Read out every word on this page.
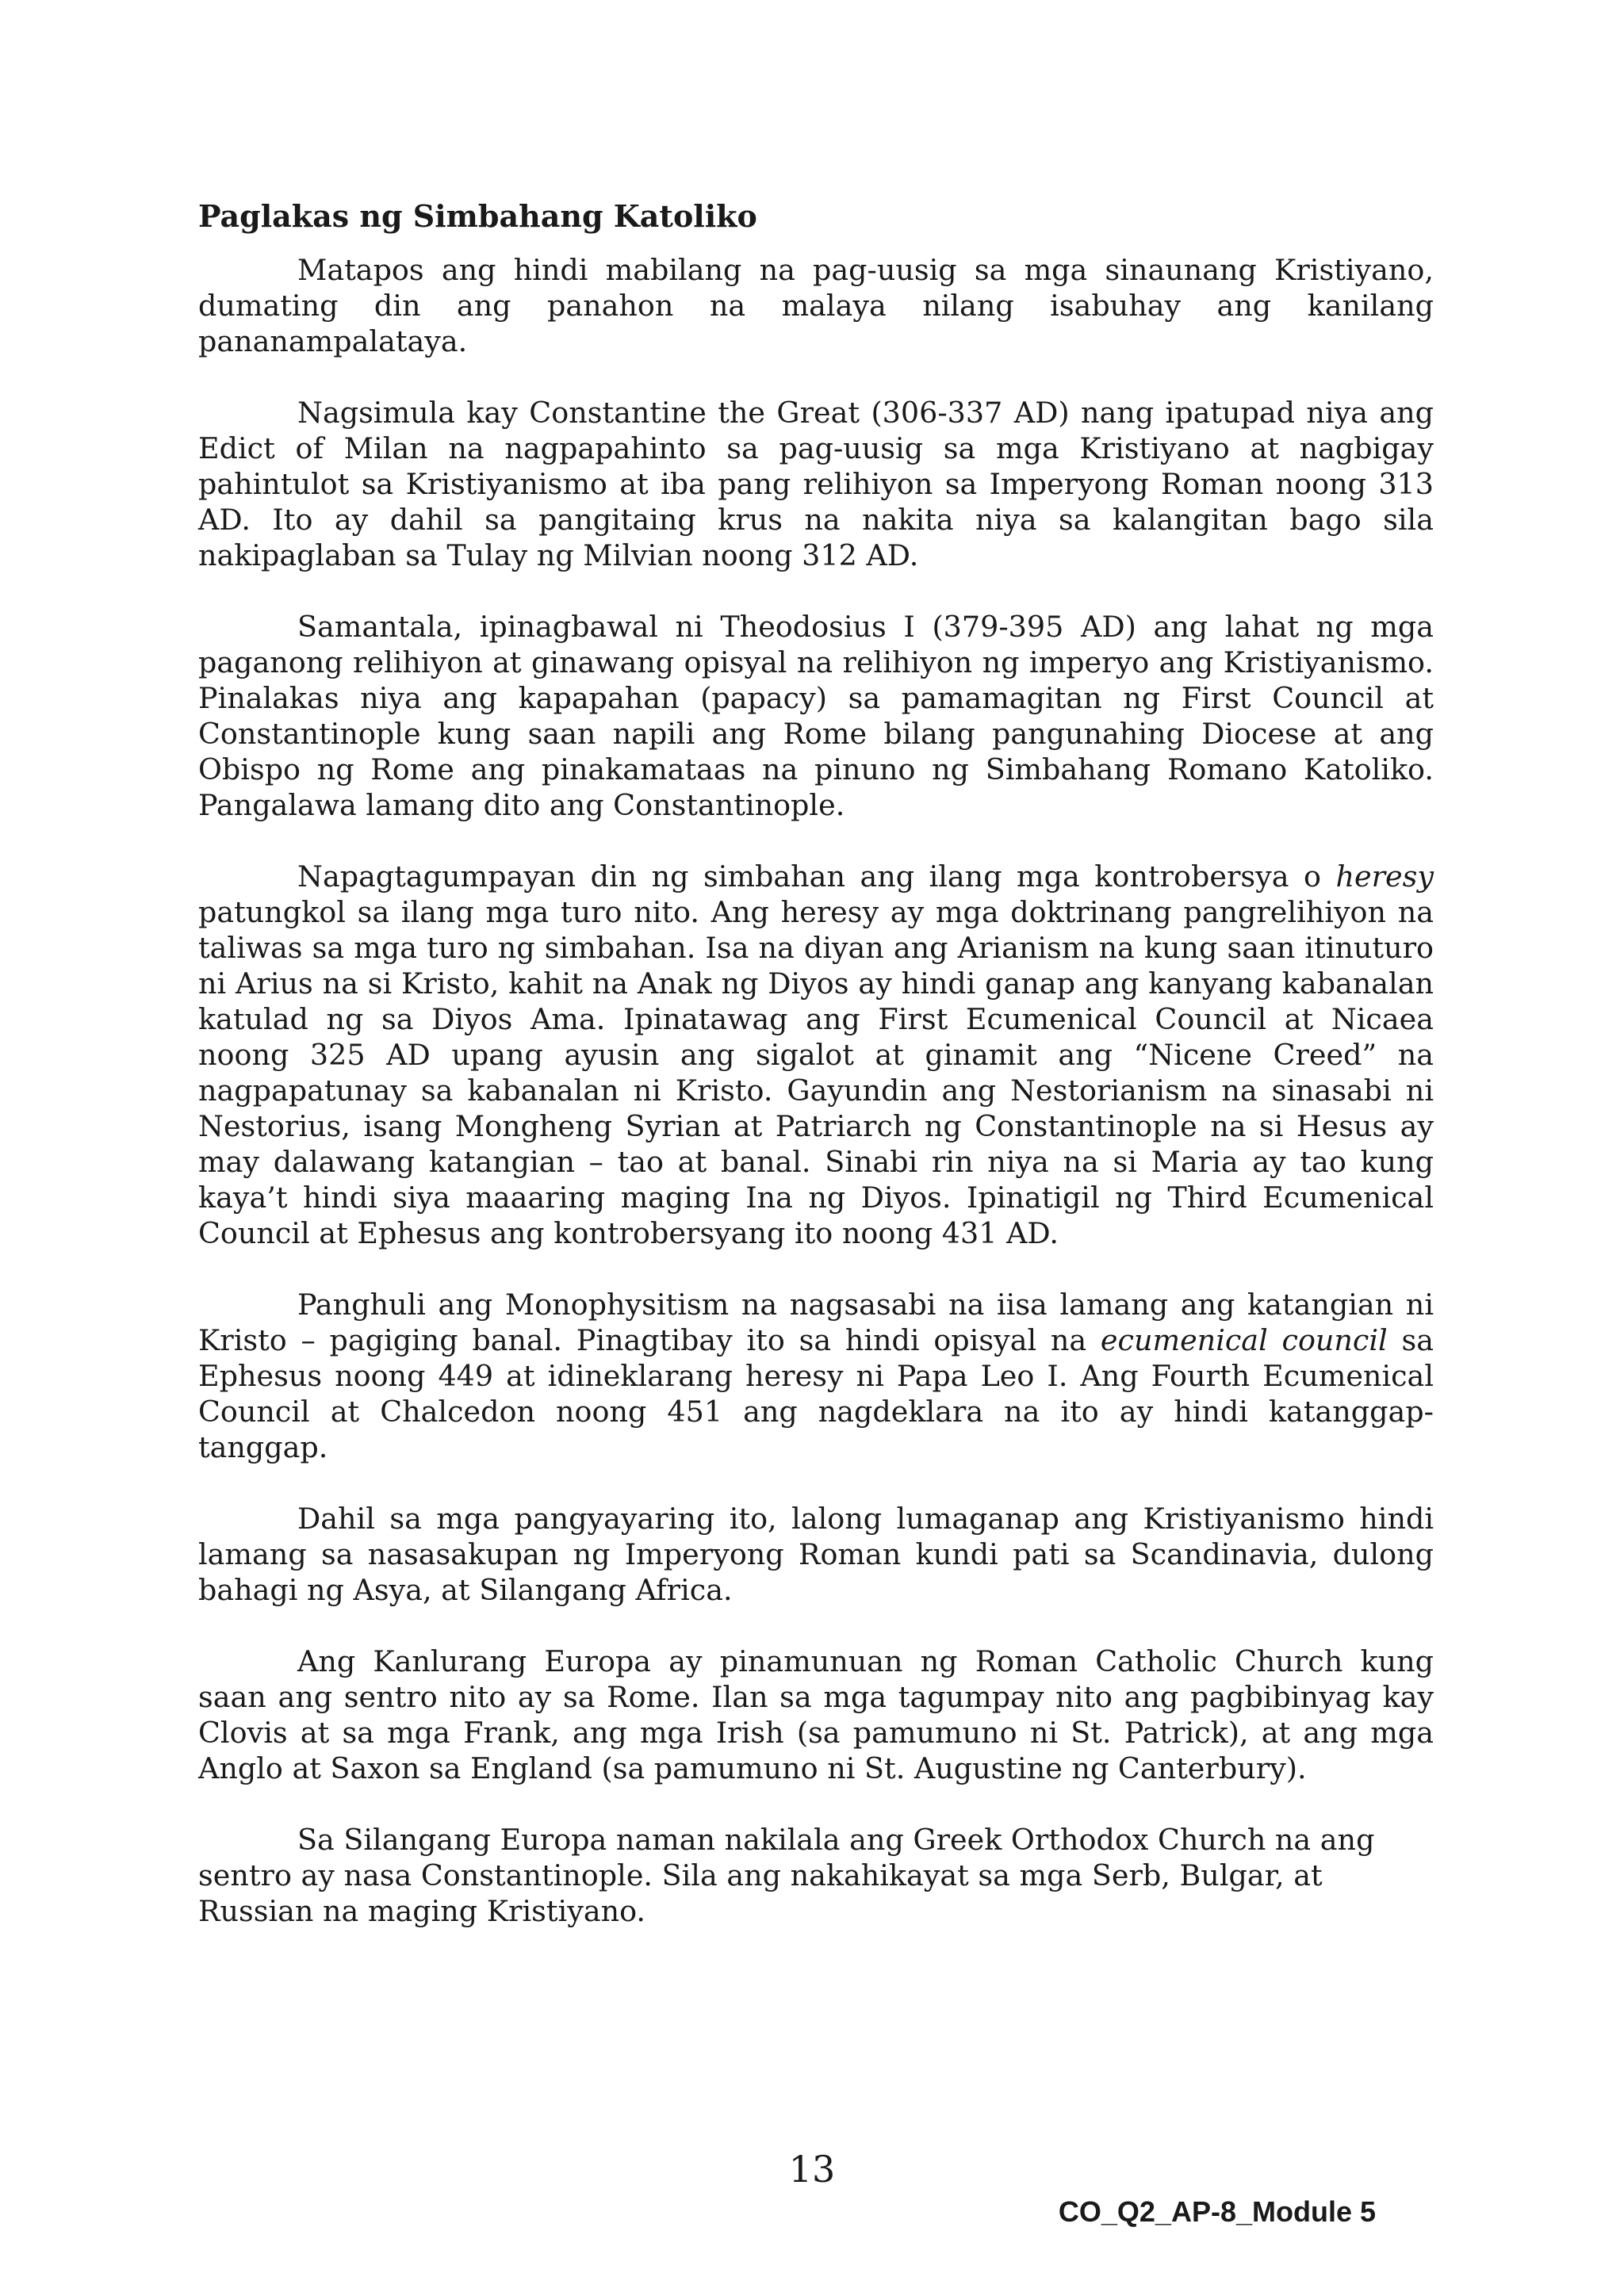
Paglakas ng Simbahang Katoliko

Matapos ang hindi mabilang na pag-uusig sa mga sinaunang Kristiyano, dumating din ang panahon na malaya nilang isabuhay ang kanilang pananampalataya.

Nagsimula kay Constantine the Great (306-337 AD) nang ipatupad niya ang Edict of Milan na nagpapahinto sa pag-uusig sa mga Kristiyano at nagbigay pahintulot sa Kristiyanismo at iba pang relihiyon sa Imperyong Roman noong 313 AD. Ito ay dahil sa pangitaing krus na nakita niya sa kalangitan bago sila nakipaglaban sa Tulay ng Milvian noong 312 AD.

Samantala, ipinagbawal ni Theodosius I (379-395 AD) ang lahat ng mga paganong relihiyon at ginawang opisyal na relihiyon ng imperyo ang Kristiyanismo. Pinalakas niya ang kapapahan (papacy) sa pamamagitan ng First Council at Constantinople kung saan napili ang Rome bilang pangunahing Diocese at ang Obispo ng Rome ang pinakamataas na pinuno ng Simbahang Romano Katoliko. Pangalawa lamang dito ang Constantinople.

Napagtagumpayan din ng simbahan ang ilang mga kontrobersya o heresy patungkol sa ilang mga turo nito. Ang heresy ay mga doktrinang pangrelihiyon na taliwas sa mga turo ng simbahan. Isa na diyan ang Arianism na kung saan itinuturo ni Arius na si Kristo, kahit na Anak ng Diyos ay hindi ganap ang kanyang kabanalan katulad ng sa Diyos Ama. Ipinatawag ang First Ecumenical Council at Nicaea noong 325 AD upang ayusin ang sigalot at ginamit ang “Nicene Creed” na nagpapatunay sa kabanalan ni Kristo. Gayundin ang Nestorianism na sinasabi ni Nestorius, isang Mongheng Syrian at Patriarch ng Constantinople na si Hesus ay may dalawang katangian – tao at banal. Sinabi rin niya na si Maria ay tao kung kaya’t hindi siya maaaring maging Ina ng Diyos. Ipinatigil ng Third Ecumenical Council at Ephesus ang kontrobersyang ito noong 431 AD.

Panghuli ang Monophysitism na nagsasabi na iisa lamang ang katangian ni Kristo – pagiging banal. Pinagtibay ito sa hindi opisyal na ecumenical council sa Ephesus noong 449 at idineklarang heresy ni Papa Leo I. Ang Fourth Ecumenical Council at Chalcedon noong 451 ang nagdeklara na ito ay hindi katanggap-tanggap.

Dahil sa mga pangyayaring ito, lalong lumaganap ang Kristiyanismo hindi lamang sa nasasakupan ng Imperyong Roman kundi pati sa Scandinavia, dulong bahagi ng Asya, at Silangang Africa.

Ang Kanlurang Europa ay pinamunuan ng Roman Catholic Church kung saan ang sentro nito ay sa Rome. Ilan sa mga tagumpay nito ang pagbibinyag kay Clovis at sa mga Frank, ang mga Irish (sa pamumuno ni St. Patrick), at ang mga Anglo at Saxon sa England (sa pamumuno ni St. Augustine ng Canterbury).

Sa Silangang Europa naman nakilala ang Greek Orthodox Church na ang sentro ay nasa Constantinople. Sila ang nakahikayat sa mga Serb, Bulgar, at Russian na maging Kristiyano.

13
CO_Q2_AP-8_Module 5
